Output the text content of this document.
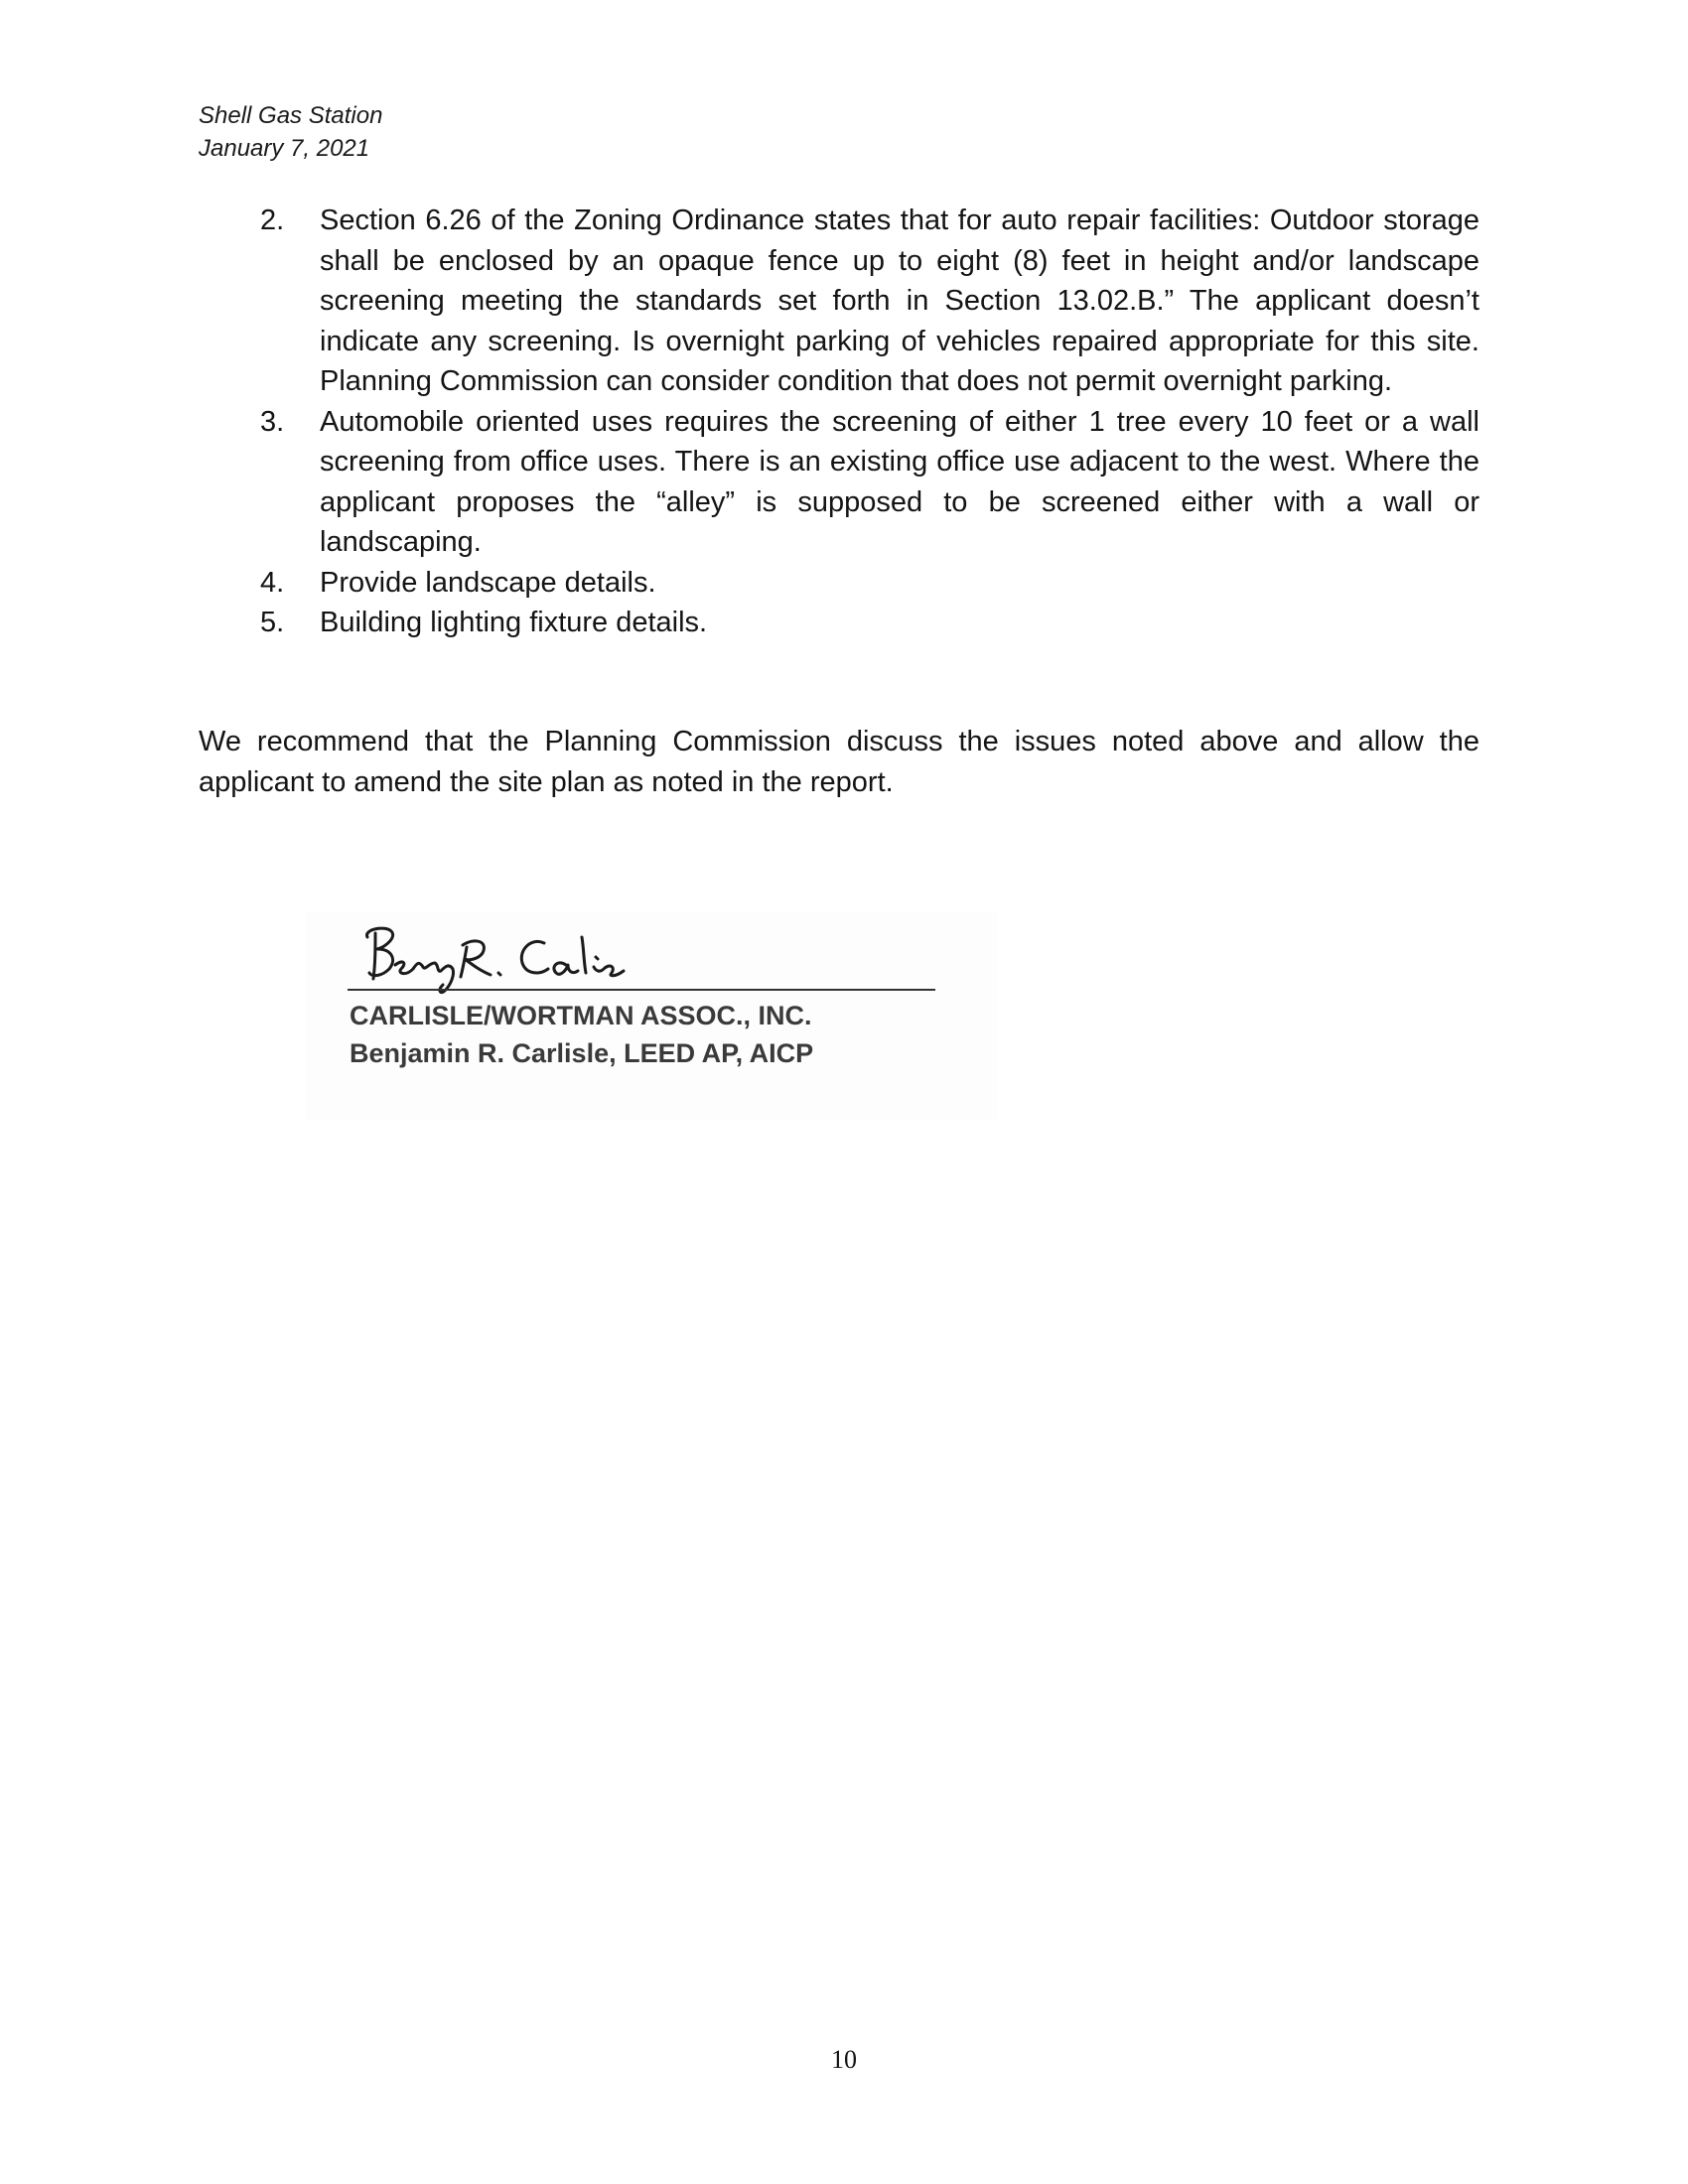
Shell Gas Station
January 7, 2021
2. Section 6.26 of the Zoning Ordinance states that for auto repair facilities: Outdoor storage shall be enclosed by an opaque fence up to eight (8) feet in height and/or landscape screening meeting the standards set forth in Section 13.02.B.” The applicant doesn’t indicate any screening. Is overnight parking of vehicles repaired appropriate for this site. Planning Commission can consider condition that does not permit overnight parking.
3. Automobile oriented uses requires the screening of either 1 tree every 10 feet or a wall screening from office uses. There is an existing office use adjacent to the west. Where the applicant proposes the “alley” is supposed to be screened either with a wall or landscaping.
4. Provide landscape details.
5. Building lighting fixture details.
We recommend that the Planning Commission discuss the issues noted above and allow the applicant to amend the site plan as noted in the report.
CARLISLE/WORTMAN ASSOC., INC.
Benjamin R. Carlisle, LEED AP, AICP
10
